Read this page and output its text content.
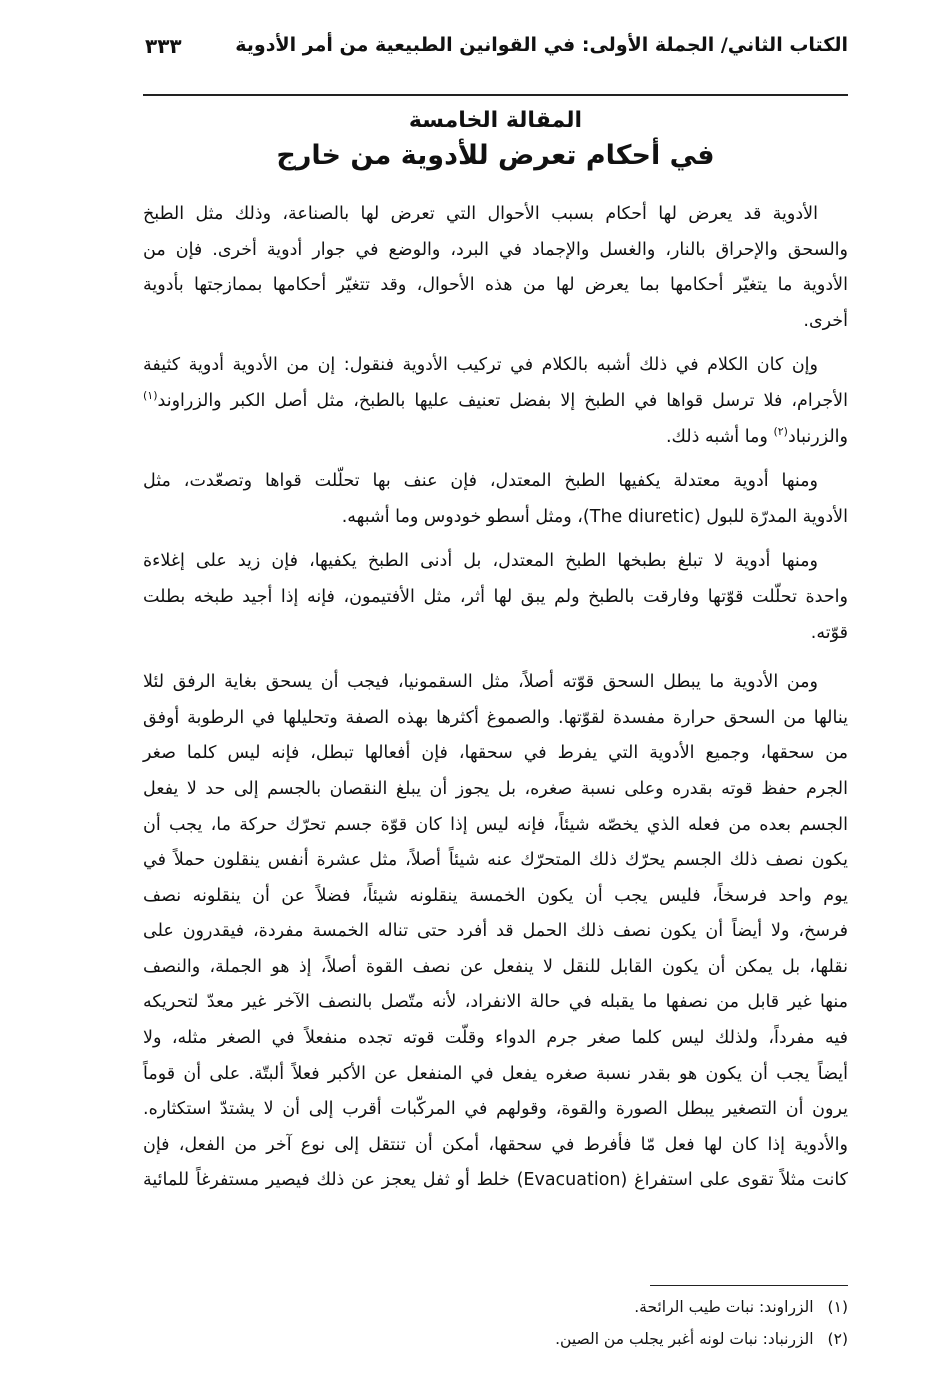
الكتاب الثاني/ الجملة الأولى: في القوانين الطبيعية من أمر الأدوية
٣٣٣
المقالة الخامسة
في أحكام تعرض للأدوية من خارج
الأدوية قد يعرض لها أحكام بسبب الأحوال التي تعرض لها بالصناعة، وذلك مثل الطبخ
والسحق والإحراق بالنار، والغسل والإجماد في البرد، والوضع في جوار أدوية أخرى. فإن من
الأدوية ما يتغيّر أحكامها بما يعرض لها من هذه الأحوال، وقد تتغيّر أحكامها بممازجتها بأدوية
أخرى.
وإن كان الكلام في ذلك أشبه بالكلام في تركيب الأدوية فنقول: إن من الأدوية أدوية كثيفة
الأجرام، فلا ترسل قواها في الطبخ إلا بفضل تعنيف عليها بالطبخ، مثل أصل الكبر والزراوند$^{(١)}$
والزرنباد$^{(٢)}$ وما أشبه ذلك.
ومنها أدوية معتدلة يكفيها الطبخ المعتدل، فإن عنف بها تحلّلت قواها وتصعّدت، مثل
الأدوية المدرّة للبول (The diuretic)، ومثل أسطو خودوس وما أشبهه.
ومنها أدوية لا تبلغ بطبخها الطبخ المعتدل، بل أدنى الطبخ يكفيها، فإن زيد على إغلاءة
واحدة تحلّلت قوّتها وفارقت بالطبخ ولم يبق لها أثر، مثل الأفتيمون، فإنه إذا أجيد طبخه بطلت
قوّته.
ومن الأدوية ما يبطل السحق قوّته أصلاً، مثل السقمونيا، فيجب أن يسحق بغاية الرفق لئلا
ينالها من السحق حرارة مفسدة لقوّتها. والصموغ أكثرها بهذه الصفة وتحليلها في الرطوبة أوفق
من سحقها، وجميع الأدوية التي يفرط في سحقها، فإن أفعالها تبطل، فإنه ليس كلما صغر
الجرم حفظ قوته بقدره وعلى نسبة صغره، بل يجوز أن يبلغ النقصان بالجسم إلى حد لا يفعل
الجسم بعده من فعله الذي يخصّه شيئاً، فإنه ليس إذا كان قوّة جسم تحرّك حركة ما، يجب أن
يكون نصف ذلك الجسم يحرّك ذلك المتحرّك عنه شيئاً أصلاً، مثل عشرة أنفس ينقلون حملاً في
يوم واحد فرسخاً، فليس يجب أن يكون الخمسة ينقلونه شيئاً، فضلاً عن أن ينقلونه نصف
فرسخ، ولا أيضاً أن يكون نصف ذلك الحمل قد أفرد حتى تناله الخمسة مفردة، فيقدرون على
نقلها، بل يمكن أن يكون القابل للنقل لا ينفعل عن نصف القوة أصلاً، إذ هو الجملة، والنصف
منها غير قابل من نصفها ما يقبله في حالة الانفراد، لأنه متّصل بالنصف الآخر غير معدّ لتحريكه
فيه مفرداً، ولذلك ليس كلما صغر جرم الدواء وقلّت قوته تجده منفعلاً في الصغر مثله، ولا
أيضاً يجب أن يكون هو بقدر نسبة صغره يفعل في المنفعل عن الأكبر فعلاً ألبتّة. على أن قوماً
يرون أن التصغير يبطل الصورة والقوة، وقولهم في المركّبات أقرب إلى أن لا يشتدّ استكثاره.
والأدوية إذا كان لها فعل مّا فأفرط في سحقها، أمكن أن تنتقل إلى نوع آخر من الفعل، فإن
كانت مثلاً تقوى على استفراغ (Evacuation) خلط أو ثفل يعجز عن ذلك فيصير مستفرغاً للمائية
(١)الزراوند: نبات طيب الرائحة.
(٢)الزرنباد: نبات لونه أغبر يجلب من الصين.
